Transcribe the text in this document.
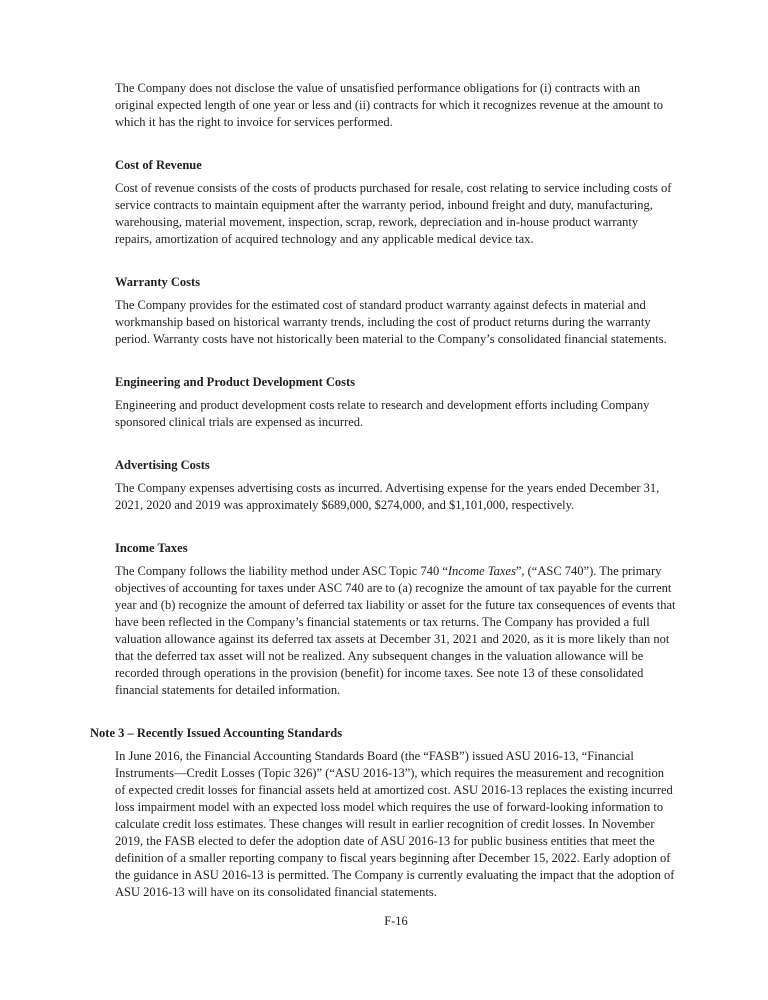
The Company does not disclose the value of unsatisfied performance obligations for (i) contracts with an original expected length of one year or less and (ii) contracts for which it recognizes revenue at the amount to which it has the right to invoice for services performed.

Cost of Revenue

Cost of revenue consists of the costs of products purchased for resale, cost relating to service including costs of service contracts to maintain equipment after the warranty period, inbound freight and duty, manufacturing, warehousing, material movement, inspection, scrap, rework, depreciation and in-house product warranty repairs, amortization of acquired technology and any applicable medical device tax.

Warranty Costs

The Company provides for the estimated cost of standard product warranty against defects in material and workmanship based on historical warranty trends, including the cost of product returns during the warranty period. Warranty costs have not historically been material to the Company’s consolidated financial statements.

Engineering and Product Development Costs

Engineering and product development costs relate to research and development efforts including Company sponsored clinical trials are expensed as incurred.

Advertising Costs

The Company expenses advertising costs as incurred. Advertising expense for the years ended December 31, 2021, 2020 and 2019 was approximately $689,000, $274,000, and $1,101,000, respectively.

Income Taxes

The Company follows the liability method under ASC Topic 740 “Income Taxes”, (“ASC 740”). The primary objectives of accounting for taxes under ASC 740 are to (a) recognize the amount of tax payable for the current year and (b) recognize the amount of deferred tax liability or asset for the future tax consequences of events that have been reflected in the Company’s financial statements or tax returns. The Company has provided a full valuation allowance against its deferred tax assets at December 31, 2021 and 2020, as it is more likely than not that the deferred tax asset will not be realized. Any subsequent changes in the valuation allowance will be recorded through operations in the provision (benefit) for income taxes. See note 13 of these consolidated financial statements for detailed information.

Note 3 – Recently Issued Accounting Standards

In June 2016, the Financial Accounting Standards Board (the “FASB”) issued ASU 2016-13, “Financial Instruments—Credit Losses (Topic 326)” (“ASU 2016-13”), which requires the measurement and recognition of expected credit losses for financial assets held at amortized cost. ASU 2016-13 replaces the existing incurred loss impairment model with an expected loss model which requires the use of forward-looking information to calculate credit loss estimates. These changes will result in earlier recognition of credit losses. In November 2019, the FASB elected to defer the adoption date of ASU 2016-13 for public business entities that meet the definition of a smaller reporting company to fiscal years beginning after December 15, 2022. Early adoption of the guidance in ASU 2016-13 is permitted. The Company is currently evaluating the impact that the adoption of ASU 2016-13 will have on its consolidated financial statements.

F-16
